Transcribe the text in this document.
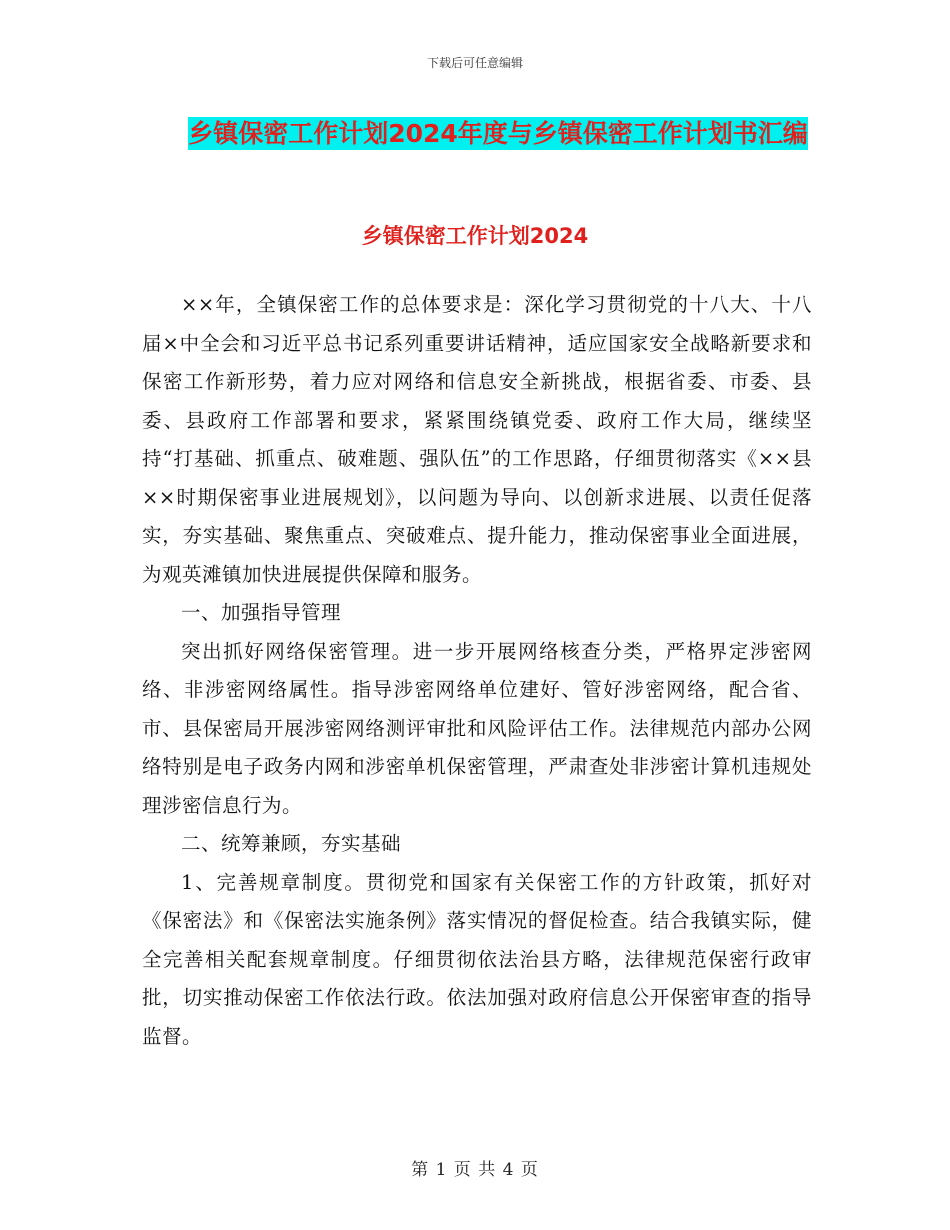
下载后可任意编辑
乡镇保密工作计划2024年度与乡镇保密工作计划书汇编
乡镇保密工作计划2024

××年，全镇保密工作的总体要求是：深化学习贯彻党的十八大、十八届×中全会和习近平总书记系列重要讲话精神，适应国家安全战略新要求和保密工作新形势，着力应对网络和信息安全新挑战，根据省委、市委、县委、县政府工作部署和要求，紧紧围绕镇党委、政府工作大局，继续坚持“打基础、抓重点、破难题、强队伍”的工作思路，仔细贯彻落实《××县××时期保密事业进展规划》，以问题为导向、以创新求进展、以责任促落实，夯实基础、聚焦重点、突破难点、提升能力，推动保密事业全面进展，为观英滩镇加快进展提供保障和服务。

一、加强指导管理

突出抓好网络保密管理。进一步开展网络核查分类，严格界定涉密网络、非涉密网络属性。指导涉密网络单位建好、管好涉密网络，配合省、市、县保密局开展涉密网络测评审批和风险评估工作。法律规范内部办公网络特别是电子政务内网和涉密单机保密管理，严肃查处非涉密计算机违规处理涉密信息行为。

二、统筹兼顾，夯实基础

1、完善规章制度。贯彻党和国家有关保密工作的方针政策，抓好对《保密法》和《保密法实施条例》落实情况的督促检查。结合我镇实际，健全完善相关配套规章制度。仔细贯彻依法治县方略，法律规范保密行政审批，切实推动保密工作依法行政。依法加强对政府信息公开保密审查的指导监督。

第 1 页 共 4 页
